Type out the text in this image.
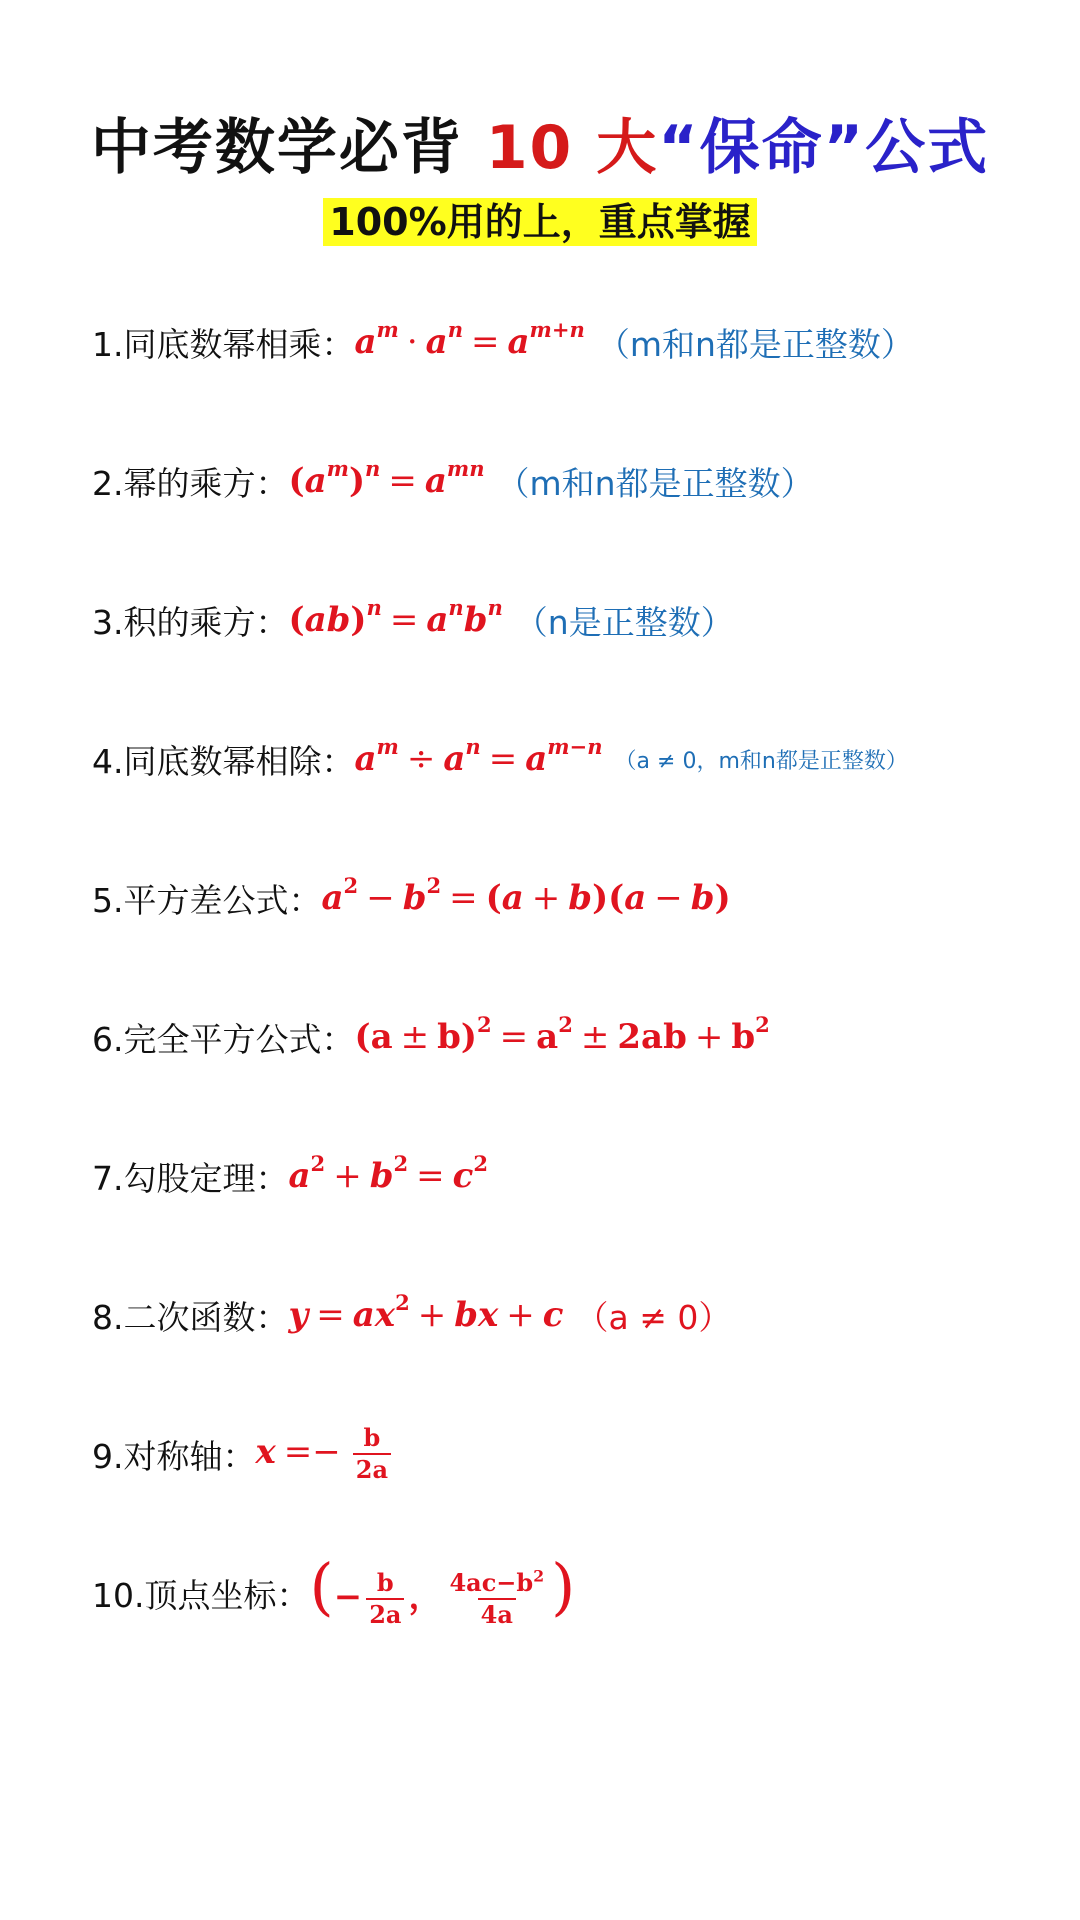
中考数学必背 10 大“保命”公式
100%用的上，重点掌握
1.同底数幂相乘： $a^m \cdot a^n = a^{m+n}$ （m和n都是正整数）
2.幂的乘方： $(a^m)^n = a^{mn}$ （m和n都是正整数）
3.积的乘方： $(ab)^n = a^nb^n$ （n是正整数）
4.同底数幂相除： $a^m \div a^n = a^{m-n}$
（a ≠ 0，m和n都是正整数）
5.平方差公式： $a^2 - b^2 = (a + b)(a - b)$
6.完全平方公式： $(a \pm b)^2 = a^2 \pm 2ab + b^2$
7.勾股定理： $a^2 + b^2 = c^2$
8.二次函数： $y = ax^2$ + bx + c （a ≠ 0）
9.对称轴： $x =- \frac{b}{2a}$
10.顶点坐标： (− $\frac{b}{2a}$ ， $\frac{4ac-b^2}{4a}$ )
